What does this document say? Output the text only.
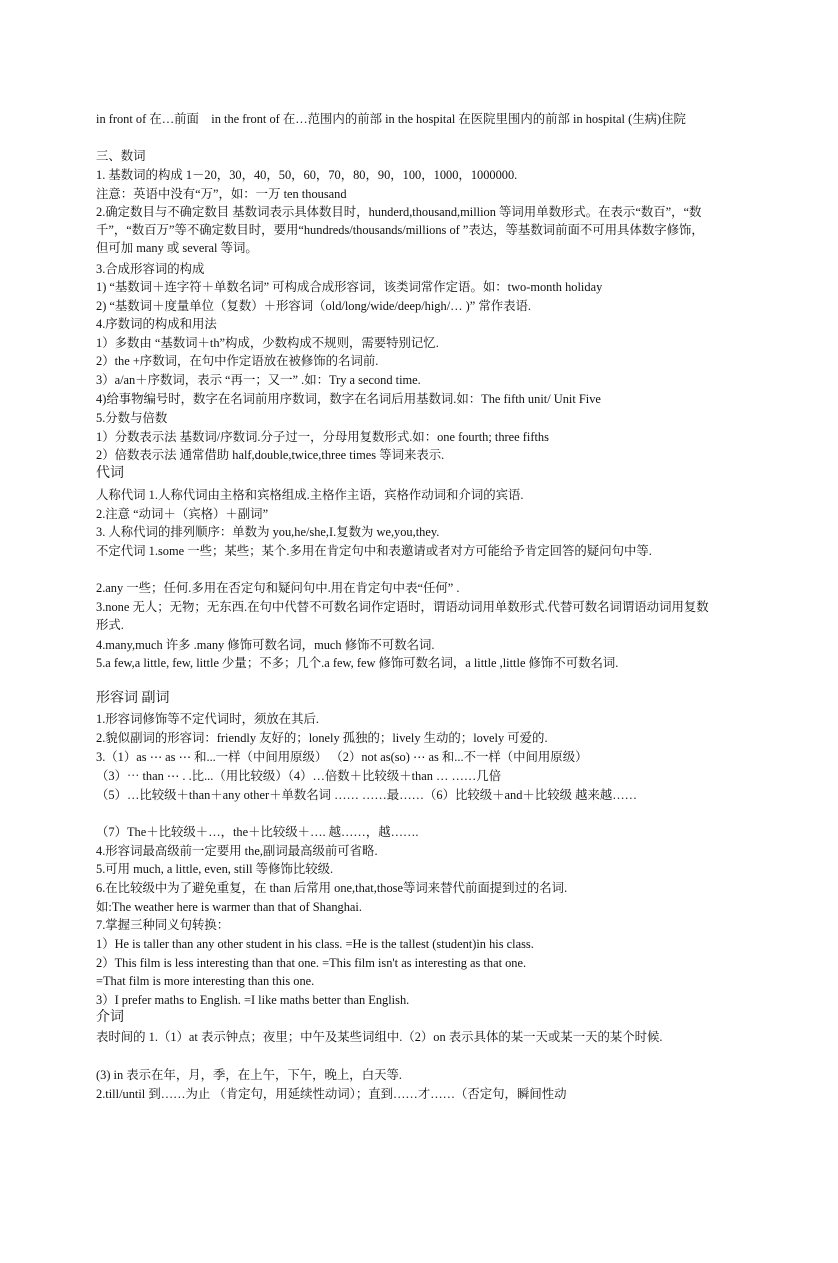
in front of 在…前面　in the front of 在…范围内的前部 in the hospital 在医院里围内的前部 in hospital (生病)住院
三、数词
1. 基数词的构成 1－20，30，40，50，60，70，80，90，100，1000，1000000.
注意：英语中没有“万”，如：一万 ten thousand
2.确定数目与不确定数目 基数词表示具体数目时，hunderd,thousand,million 等词用单数形式。在表示“数百”，“数千”，“数百万”等不确定数目时，要用“hundreds/thousands/millions of ”表达，等基数词前面不可用具体数字修饰，但可加 many 或 several 等词。
3.合成形容词的构成
1) “基数词＋连字符＋单数名词” 可构成合成形容词，该类词常作定语。如：two-month holiday
2) “基数词＋度量单位（复数）＋形容词（old/long/wide/deep/high/… )” 常作表语.
4.序数词的构成和用法
1）多数由 “基数词＋th”构成，少数构成不规则，需要特别记忆.
2）the +序数词，在句中作定语放在被修饰的名词前.
3）a/an＋序数词，表示 “再一；又一” .如：Try a second time.
4)给事物编号时，数字在名词前用序数词，数字在名词后用基数词.如：The fifth unit/ Unit Five
5.分数与倍数
1）分数表示法 基数词/序数词.分子过一，分母用复数形式.如：one fourth; three fifths
2）倍数表示法 通常借助 half,double,twice,three times 等词来表示.
代词
人称代词 1.人称代词由主格和宾格组成.主格作主语，宾格作动词和介词的宾语.
2.注意 “动词＋（宾格）＋副词”
3. 人称代词的排列顺序：单数为 you,he/she,I.复数为 we,you,they.
不定代词 1.some 一些；某些；某个.多用在肯定句中和表邀请或者对方可能给予肯定回答的疑问句中等.
2.any 一些；任何.多用在否定句和疑问句中.用在肯定句中表“任何” .
3.none 无人；无物；无东西.在句中代替不可数名词作定语时，谓语动词用单数形式.代替可数名词谓语动词用复数形式.
4.many,much 许多 .many 修饰可数名词，much 修饰不可数名词.
5.a few,a little, few, little 少量；不多；几个.a few, few 修饰可数名词，a little ,little 修饰不可数名词.
形容词 副词
1.形容词修饰等不定代词时，须放在其后.
2.貌似副词的形容词：friendly 友好的；lonely 孤独的；lively 生动的；lovely 可爱的.
3.（1）as ⋯ as ⋯ 和...一样（中间用原级） （2）not as(so) ⋯ as 和...不一样（中间用原级）
（3）⋯ than ⋯ . .比...（用比较级）（4）…倍数＋比较级＋than … ……几倍
（5）…比较级＋than＋any other＋单数名词 …… ……最……（6）比较级＋and＋比较级 越来越……
（7）The＋比较级＋…，the＋比较级＋…. 越……，越…….
4.形容词最高级前一定要用 the,副词最高级前可省略.
5.可用 much, a little, even, still 等修饰比较级.
6.在比较级中为了避免重复，在 than 后常用 one,that,those等词来替代前面提到过的名词.
如:The weather here is warmer than that of Shanghai.
7.掌握三种同义句转换：
1）He is taller than any other student in his class. =He is the tallest (student)in his class.
2）This film is less interesting than that one. =This film isn't as interesting as that one.
=That film is more interesting than this one.
3）I prefer maths to English. =I like maths better than English.
介词
表时间的 1.（1）at 表示钟点；夜里；中午及某些词组中.（2）on 表示具体的某一天或某一天的某个时候.
(3) in 表示在年，月，季，在上午，下午，晚上，白天等.
2.till/until 到……为止 （肯定句，用延续性动词）；直到……才……（否定句，瞬间性动
